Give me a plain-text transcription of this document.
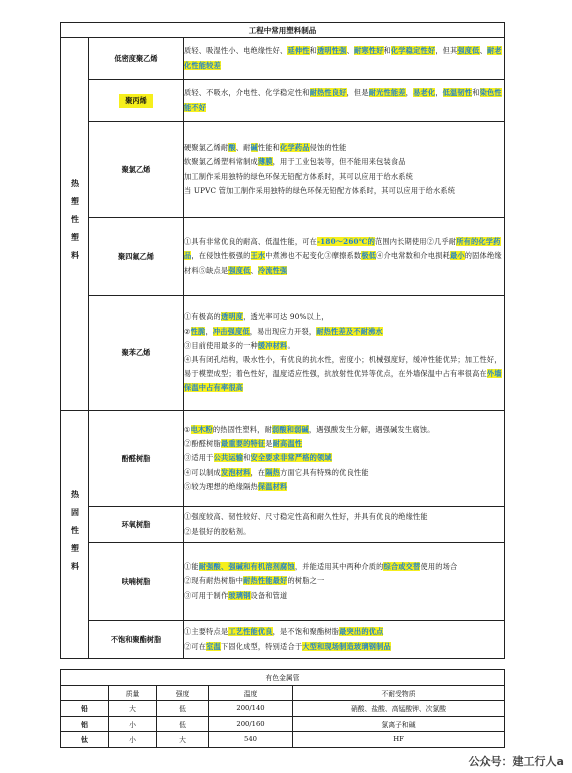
工程中常用塑料制品		
热塑性塑料	低密度聚乙烯	质轻、吸湿性小、电绝缘性好、延伸性和透明性强、耐寒性好和化学稳定性好，但其强度低、耐老化性能较差

	聚丙烯	质轻、不吸水，介电性、化学稳定性和耐热性良好，但是耐光性能差，易老化，低温韧性和染色性能不好

	聚氯乙烯	硬聚氯乙烯耐酸、耐碱性能和化学药品侵蚀的性能

软聚氯乙烯塑料常制成薄膜，用于工业包装等，但不能用来包装食品

加工制作采用独特的绿色环保无铅配方体系时，其可以应用于给水系统

当 UPVC 管加工制作采用独特的绿色环保无铅配方体系时，其可以应用于给水系统

	聚四氟乙烯	①具有非常优良的耐高、低温性能，可在-180～260℃的范围内长期使用②几乎耐所有的化学药品，在侵蚀性极强的王水中煮沸也不起变化③摩擦系数极低④介电常数和介电损耗最小的固体绝缘材料⑤缺点是强度低、冷流性强

	聚苯乙烯	①有极高的透明度，透光率可达 90%以上，

②性脆，冲击强度低，易出现应力开裂，耐热性差及不耐沸水

③目前使用最多的一种缓冲材料。

④具有闭孔结构，吸水性小，有优良的抗水性，密度小；机械强度好，缓冲性能优异；加工性好，易于模塑成型；着色性好，温度适应性强，抗放射性优异等优点，在外墙保温中占有率很高在外墙保温中占有率很高

热固性塑料	酚醛树脂	①电木粉的热固性塑料，耐弱酸和弱碱，遇强酸发生分解，遇强碱发生腐蚀。

②酚醛树脂最重要的特征是耐高温性

③适用于公共运输和安全要求非常严格的领域

④可以制成发泡材料，在隔热方面它具有特殊的优良性能

⑤较为理想的绝缘隔热保温材料

	环氧树脂	①强度较高、韧性较好、尺寸稳定性高和耐久性好，并具有优良的绝缘性能

②是很好的胶粘剂。

	呋喃树脂	①能耐强酸、强碱和有机溶剂腐蚀，并能适用其中两种介质的综合或交替使用的场合

②现有耐热树脂中耐热性能最好的树脂之一

③可用于制作玻璃钢设备和管道

	不饱和聚酯树脂	①主要特点是工艺性能优良，是不饱和聚酯树脂最突出的优点

②可在室温下固化成型，特别适合于大型和现场制造玻璃钢制品

有色金属管				
	质量	强度	温度	不耐受物质
铅	大	低	200/140	硝酸、盐酸、高锰酸钾、次氯酸
铝	小	低	200/160	氯离子和碱
钛	小	大	540	HF
公众号：建工行人a
